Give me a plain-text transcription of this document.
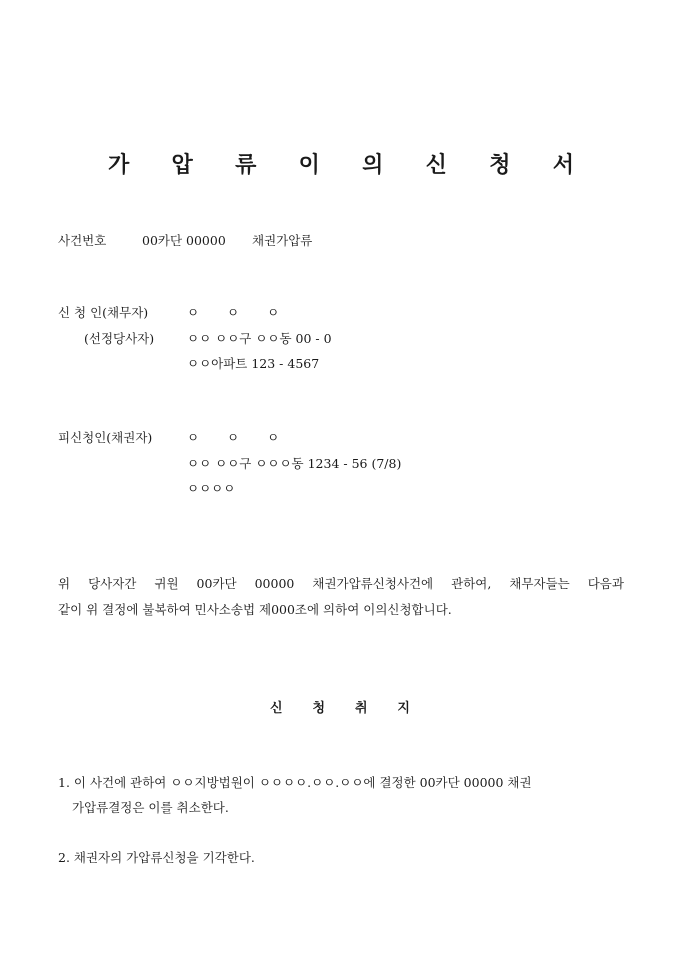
가 압 류 이 의 신 청 서
사건번호	00카단 00000 채권가압류
신 청 인(채무자)	ㅇ ㅇ ㅇ
(선정당사자)	ㅇㅇ ㅇㅇ구 ㅇㅇ동 00 - 0
ㅇㅇ아파트 123 - 4567
피신청인(채권자)	ㅇ ㅇ ㅇ
ㅇㅇ ㅇㅇ구 ㅇㅇㅇ동 1234 - 56 (7/8)
ㅇㅇㅇㅇ
위 당사자간 귀원 00카단 00000 채권가압류신청사건에 관하여, 채무자들는 다음과
같이 위 결정에 불복하여 민사소송법 제000조에 의하여 이의신청합니다.
신 청 취 지
1. 이 사건에 관하여 ㅇㅇ지방법원이 ㅇㅇㅇㅇ.ㅇㅇ.ㅇㅇ에 결정한 00카단 00000 채권
가압류결정은 이를 취소한다.
2. 채권자의 가압류신청을 기각한다.
